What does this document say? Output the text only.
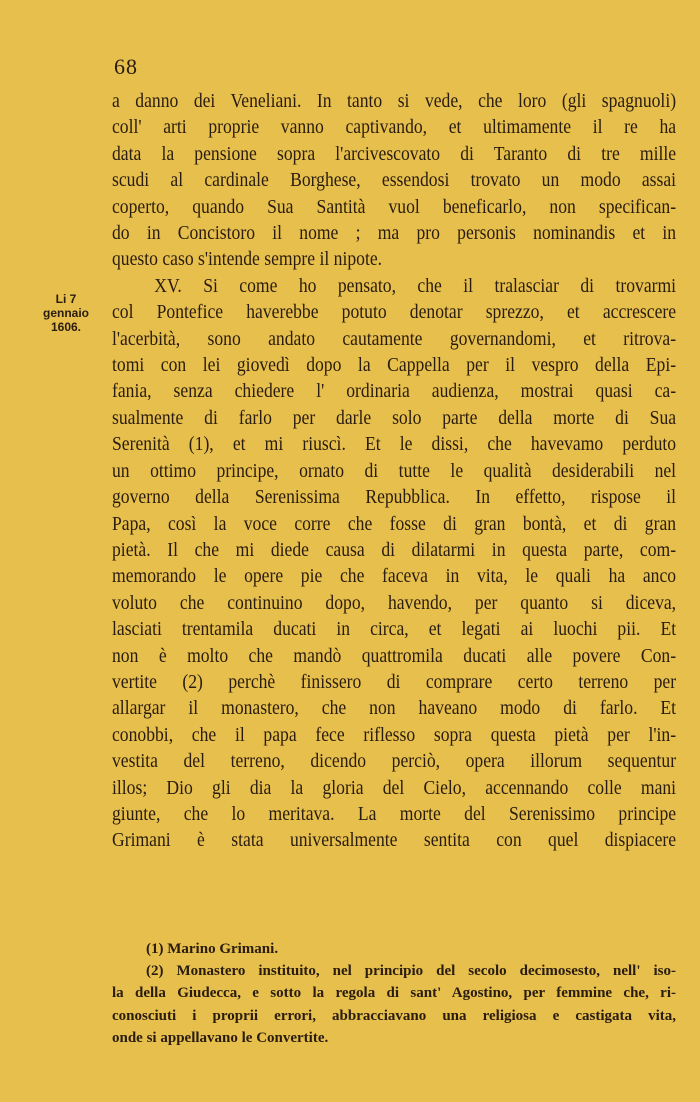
68
Li 7
gennaio
1606.
a danno dei Veneliani. In tanto si vede, che loro (gli spagnuoli)
coll' arti proprie vanno captivando, et ultimamente il re ha
data la pensione sopra l'arcivescovato di Taranto di tre mille
scudi al cardinale Borghese, essendosi trovato un modo assai
coperto, quando Sua Santità vuol beneficarlo, non specifican-
do in Concistoro il nome ; ma pro personis nominandis et in
questo caso s'intende sempre il nipote.
XV. Si come ho pensato, che il tralasciar di trovarmi
col Pontefice haverebbe potuto denotar sprezzo, et accrescere
l'acerbità, sono andato cautamente governandomi, et ritrova-
tomi con lei giovedì dopo la Cappella per il vespro della Epi-
fania, senza chiedere l' ordinaria audienza, mostrai quasi ca-
sualmente di farlo per darle solo parte della morte di Sua
Serenità (1), et mi riuscì. Et le dissi, che havevamo perduto
un ottimo principe, ornato di tutte le qualità desiderabili nel
governo della Serenissima Repubblica. In effetto, rispose il
Papa, così la voce corre che fosse di gran bontà, et di gran
pietà. Il che mi diede causa di dilatarmi in questa parte, com-
memorando le opere pie che faceva in vita, le quali ha anco
voluto che continuino dopo, havendo, per quanto si diceva,
lasciati trentamila ducati in circa, et legati ai luochi pii. Et
non è molto che mandò quattromila ducati alle povere Con-
vertite (2) perchè finissero di comprare certo terreno per
allargar il monastero, che non haveano modo di farlo. Et
conobbi, che il papa fece riflesso sopra questa pietà per l'in-
vestita del terreno, dicendo perciò, opera illorum sequentur
illos; Dio gli dia la gloria del Cielo, accennando colle mani
giunte, che lo meritava. La morte del Serenissimo principe
Grimani è stata universalmente sentita con quel dispiacere
(1) Marino Grimani.
(2) Monastero instituito, nel principio del secolo decimosesto, nell' iso-
la della Giudecca, e sotto la regola di sant' Agostino, per femmine che, ri-
conosciuti i proprii errori, abbracciavano una religiosa e castigata vita,
onde si appellavano le Convertite.
